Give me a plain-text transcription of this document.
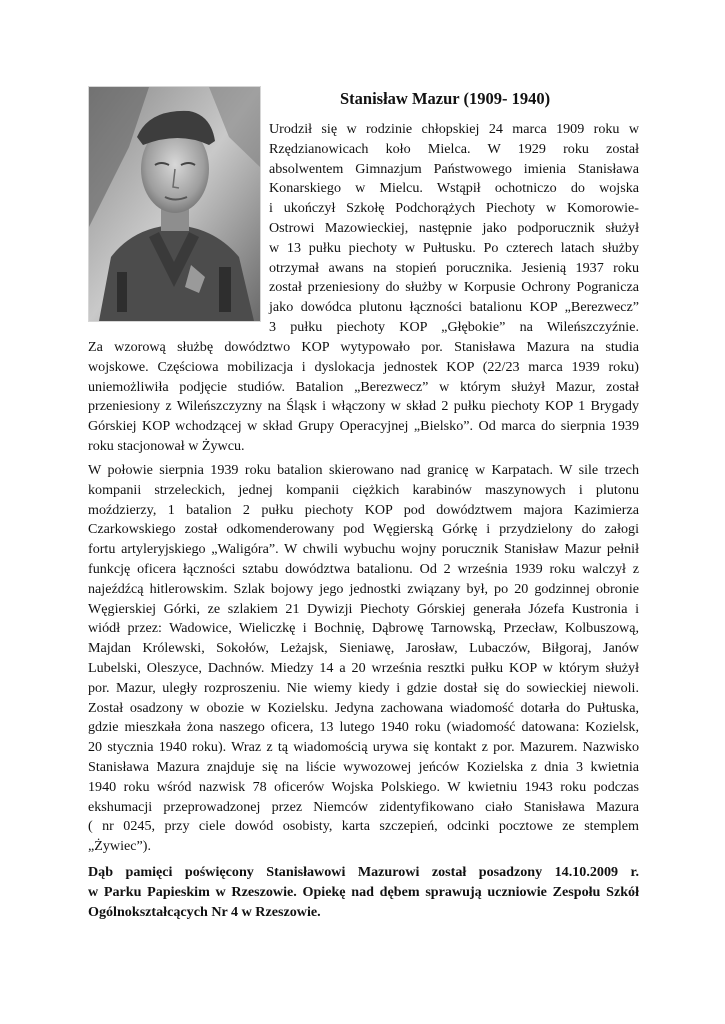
Stanisław Mazur (1909- 1940)
Urodził się w rodzinie chłopskiej 24 marca 1909 roku w
Rzędzianowicach koło Mielca. W 1929 roku został
absolwentem Gimnazjum Państwowego imienia Stanisława
Konarskiego w Mielcu. Wstąpił ochotniczo do wojska
i ukończył Szkołę Podchorążych Piechoty w Komorowie-
Ostrowi Mazowieckiej, następnie jako podporucznik służył
w 13 pułku piechoty w Pułtusku. Po czterech latach służby
otrzymał awans na stopień porucznika. Jesienią 1937 roku
został przeniesiony do służby w Korpusie Ochrony Pogranicza
jako dowódca plutonu łączności batalionu KOP „Berezwecz”
3 pułku piechoty KOP „Głębokie” na Wileńszczyźnie.
Za wzorową służbę dowództwo KOP wytypowało por. Stanisława Mazura na studia
wojskowe. Częściowa mobilizacja i dyslokacja jednostek KOP (22/23 marca 1939 roku)
uniemożliwiła podjęcie studiów. Batalion „Berezwecz” w którym służył Mazur, został
przeniesiony z Wileńszczyzny na Śląsk i włączony w skład 2 pułku piechoty KOP 1 Brygady
Górskiej KOP wchodzącej w skład Grupy Operacyjnej „Bielsko”. Od marca do sierpnia 1939
roku stacjonował w Żywcu.
W połowie sierpnia 1939 roku batalion skierowano nad granicę w Karpatach. W sile trzech
kompanii strzeleckich, jednej kompanii ciężkich karabinów maszynowych i plutonu
moździerzy, 1 batalion 2 pułku piechoty KOP pod dowództwem majora Kazimierza
Czarkowskiego został odkomenderowany pod Węgierską Górkę i przydzielony do załogi
fortu artyleryjskiego „Waligóra”. W chwili wybuchu wojny porucznik Stanisław Mazur pełnił
funkcję oficera łączności sztabu dowództwa batalionu. Od 2 września 1939 roku walczył z
najeźdźcą hitlerowskim. Szlak bojowy jego jednostki związany był, po 20 godzinnej obronie
Węgierskiej Górki, ze szlakiem 21 Dywizji Piechoty Górskiej generała Józefa Kustronia i
wiódł przez: Wadowice, Wieliczkę i Bochnię, Dąbrowę Tarnowską, Przecław, Kolbuszową,
Majdan Królewski, Sokołów, Leżajsk, Sieniawę, Jarosław, Lubaczów, Biłgoraj, Janów
Lubelski, Oleszyce, Dachnów. Miedzy 14 a 20 września resztki pułku KOP w którym służył
por. Mazur, uległy rozproszeniu. Nie wiemy kiedy i gdzie dostał się do sowieckiej niewoli.
Został osadzony w obozie w Kozielsku. Jedyna zachowana wiadomość dotarła do Pułtuska,
gdzie mieszkała żona naszego oficera, 13 lutego 1940 roku (wiadomość datowana: Kozielsk,
20 stycznia 1940 roku). Wraz z tą wiadomością urywa się kontakt z por. Mazurem. Nazwisko
Stanisława Mazura znajduje się na liście wywozowej jeńców Kozielska z dnia 3 kwietnia
1940 roku wśród nazwisk 78 oficerów Wojska Polskiego. W kwietniu 1943 roku podczas
ekshumacji przeprowadzonej przez Niemców zidentyfikowano ciało Stanisława Mazura
( nr 0245, przy ciele dowód osobisty, karta szczepień, odcinki pocztowe ze stemplem
„Żywiec”).
Dąb pamięci poświęcony Stanisławowi Mazurowi został posadzony 14.10.2009 r.
w Parku Papieskim w Rzeszowie. Opiekę nad dębem sprawują uczniowie Zespołu Szkół
Ogólnokształcących Nr 4 w Rzeszowie.
